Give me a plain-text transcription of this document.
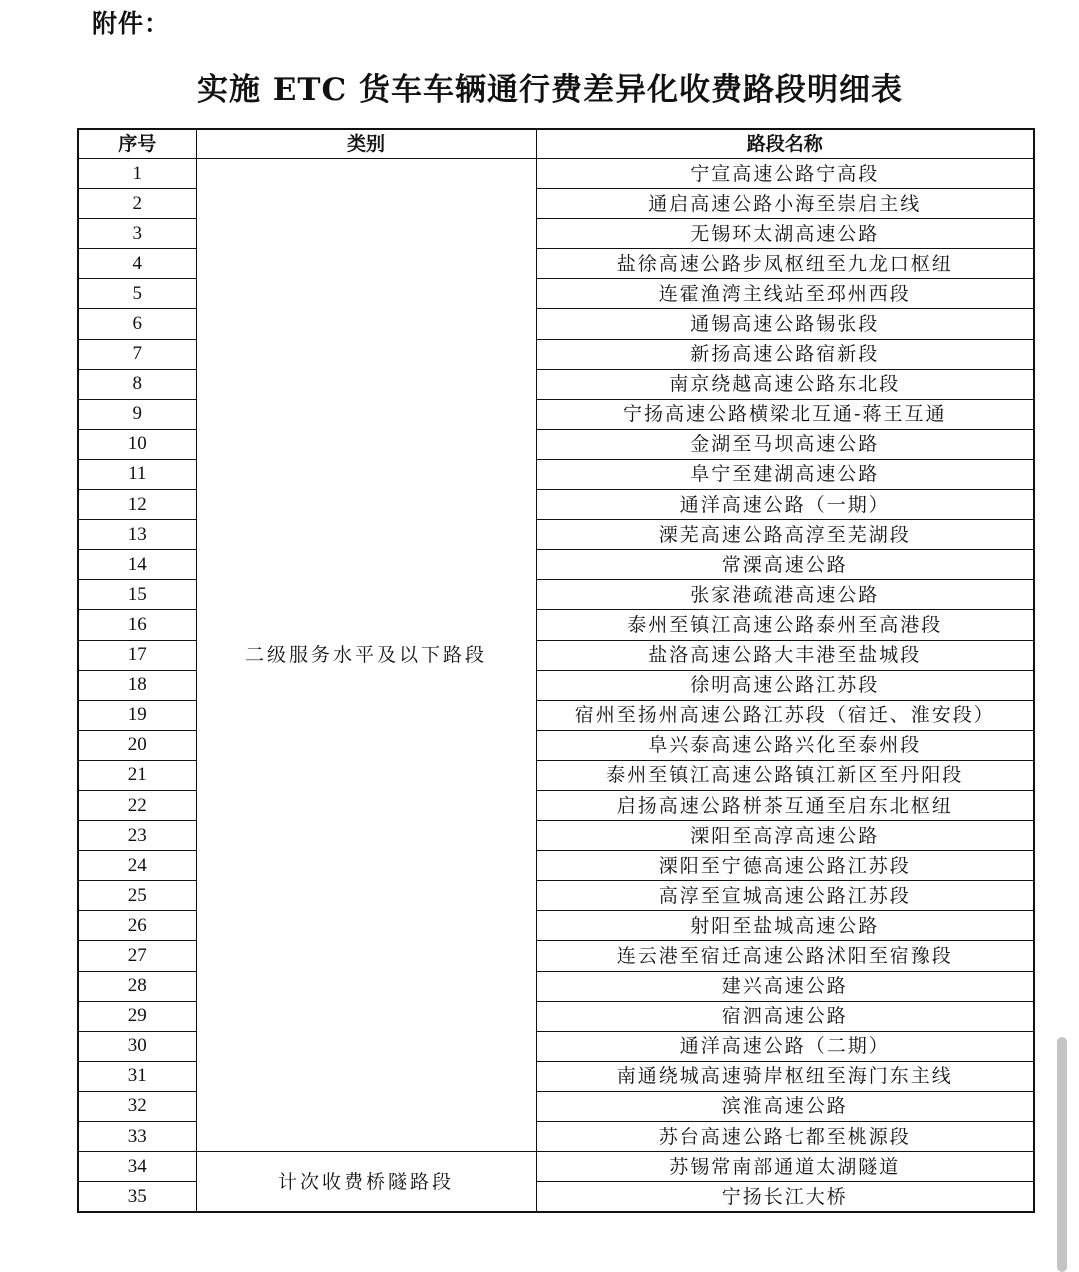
附件：
实施 ETC 货车车辆通行费差异化收费路段明细表
序号	类别	路段名称
1	二级服务水平及以下路段	宁宣高速公路宁高段
2		通启高速公路小海至崇启主线
3		无锡环太湖高速公路
4		盐徐高速公路步凤枢纽至九龙口枢纽
5		连霍渔湾主线站至邳州西段
6		通锡高速公路锡张段
7		新扬高速公路宿新段
8		南京绕越高速公路东北段
9		宁扬高速公路横梁北互通-蒋王互通
10		金湖至马坝高速公路
11		阜宁至建湖高速公路
12		通洋高速公路（一期）
13		溧芜高速公路高淳至芜湖段
14		常溧高速公路
15		张家港疏港高速公路
16		泰州至镇江高速公路泰州至高港段
17		盐洛高速公路大丰港至盐城段
18		徐明高速公路江苏段
19		宿州至扬州高速公路江苏段（宿迁、淮安段）
20		阜兴泰高速公路兴化至泰州段
21		泰州至镇江高速公路镇江新区至丹阳段
22		启扬高速公路栟茶互通至启东北枢纽
23		溧阳至高淳高速公路
24		溧阳至宁德高速公路江苏段
25		高淳至宣城高速公路江苏段
26		射阳至盐城高速公路
27		连云港至宿迁高速公路沭阳至宿豫段
28		建兴高速公路
29		宿泗高速公路
30		通洋高速公路（二期）
31		南通绕城高速骑岸枢纽至海门东主线
32		滨淮高速公路
33		苏台高速公路七都至桃源段
34	计次收费桥隧路段	苏锡常南部通道太湖隧道
35		宁扬长江大桥
